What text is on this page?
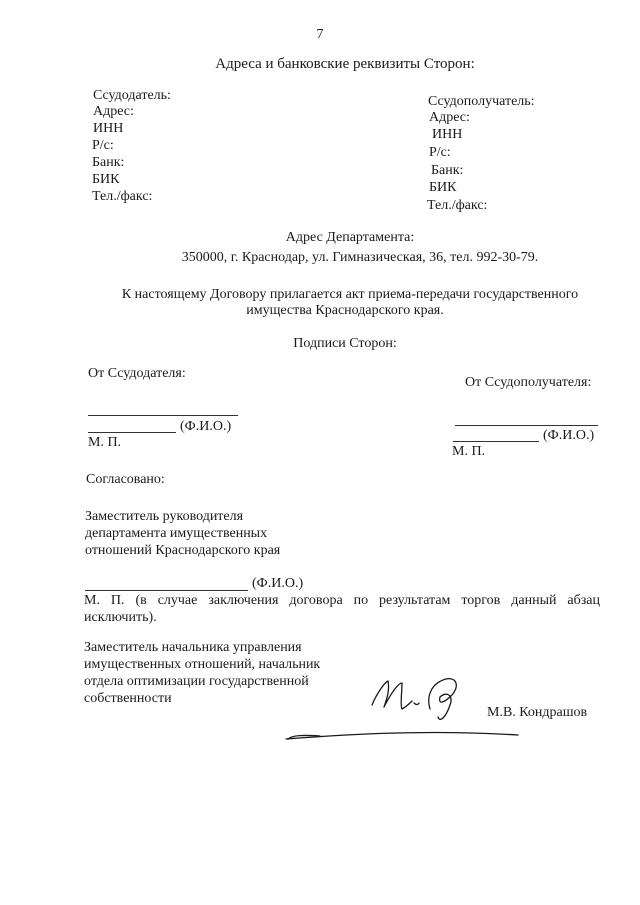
7
Адреса и банковские реквизиты Сторон:
Ссудодатель:
Адрес:
ИНН
Р/с:
Банк:
БИК
Тел./факс:
Ссудополучатель:
Адрес:
ИНН
Р/с:
Банк:
БИК
Тел./факс:
Адрес Департамента:
350000, г. Краснодар, ул. Гимназическая, 36, тел. 992-30-79.
К настоящему Договору прилагается акт приема-передачи государственного
имущества Краснодарского края.
Подписи Сторон:
От Ссудодателя:
От Ссудополучателя:
(Ф.И.О.)
М. П.	(Ф.И.О.)
М. П.
Согласовано:
Заместитель руководителя
департамента имущественных
отношений Краснодарского края
(Ф.И.О.)
М. П. (в случае заключения договора по результатам торгов данный абзац
исключить).
Заместитель начальника управления
имущественных отношений, начальник
отдела оптимизации государственной
собственности
М.В. Кондрашов
